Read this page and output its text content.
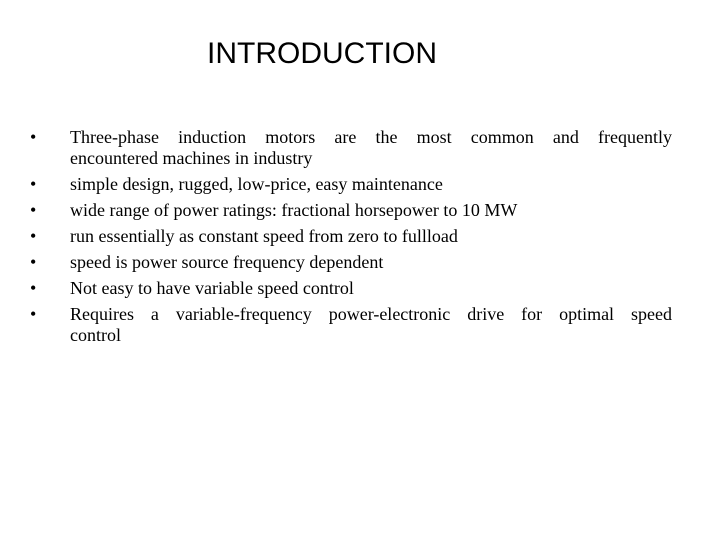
INTRODUCTION
•	Three-phase induction motors are the most common and frequently
encountered machines in industry
•	simple design, rugged, low-price, easy maintenance
•	wide range of power ratings: fractional horsepower to 10 MW
•	run essentially as constant speed from zero to fullload
•	speed is power source frequency dependent
•	Not easy to have variable speed control
•	Requires a variable-frequency power-electronic drive for optimal speed
control
